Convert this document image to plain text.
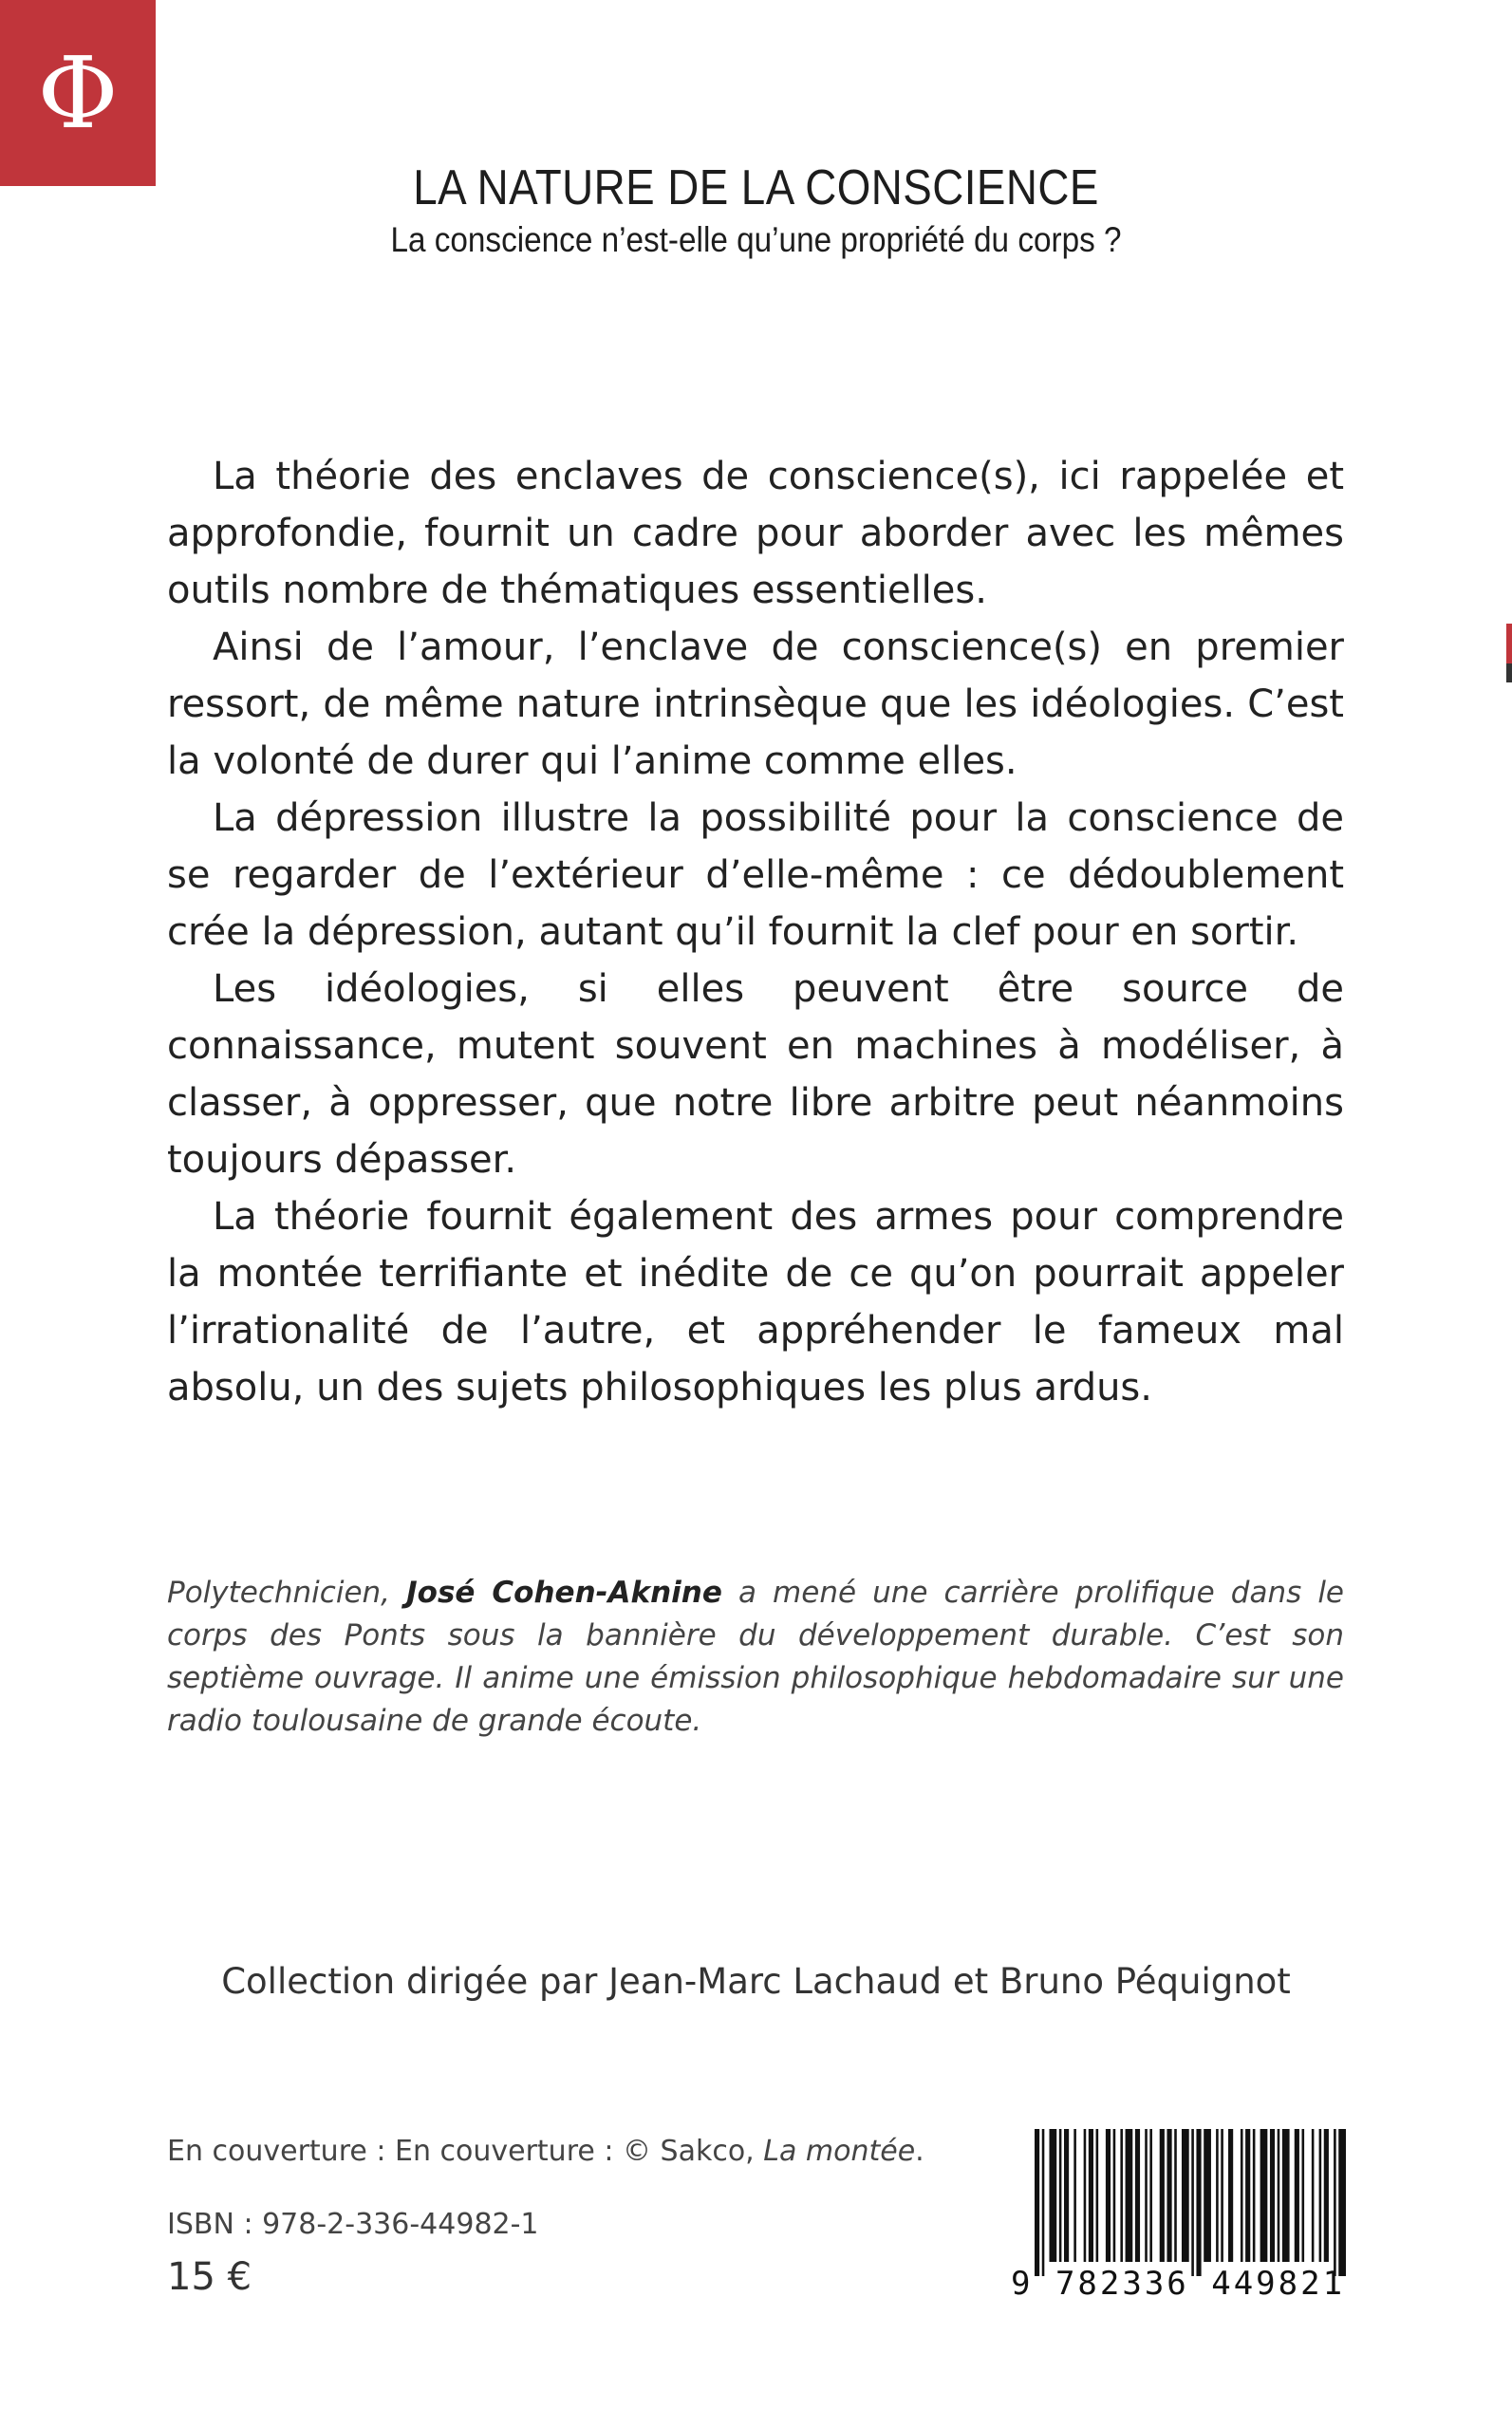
Φ
LA NATURE DE LA CONSCIENCE
La conscience n’est-elle qu’une propriété du corps ?

La théorie des enclaves de conscience(s), ici rappelée et approfondie, fournit un cadre pour aborder avec les mêmes outils nombre de thématiques essentielles.

Ainsi de l’amour, l’enclave de conscience(s) en premier ressort, de même nature intrinsèque que les idéologies. C’est la volonté de durer qui l’anime comme elles.

La dépression illustre la possibilité pour la conscience de se regarder de l’extérieur d’elle-même : ce dédoublement crée la dépression, autant qu’il fournit la clef pour en sortir.

Les idéologies, si elles peuvent être source de connaissance, mutent souvent en machines à modéliser, à classer, à oppresser, que notre libre arbitre peut néanmoins toujours dépasser.

La théorie fournit également des armes pour comprendre la montée terrifiante et inédite de ce qu’on pourrait appeler l’irrationalité de l’autre, et appréhender le fameux mal absolu, un des sujets philosophiques les plus ardus.

Polytechnicien, José Cohen-Aknine a mené une carrière prolifique dans le corps des Ponts sous la bannière du développement durable. C’est son septième ouvrage. Il anime une émission philosophique hebdomadaire sur une radio toulousaine de grande écoute.
Collection dirigée par Jean-Marc Lachaud et Bruno Péquignot
En couverture : En couverture : © Sakco, La montée.
ISBN : 978-2-336-44982-1
15 €	9 782336 449821
